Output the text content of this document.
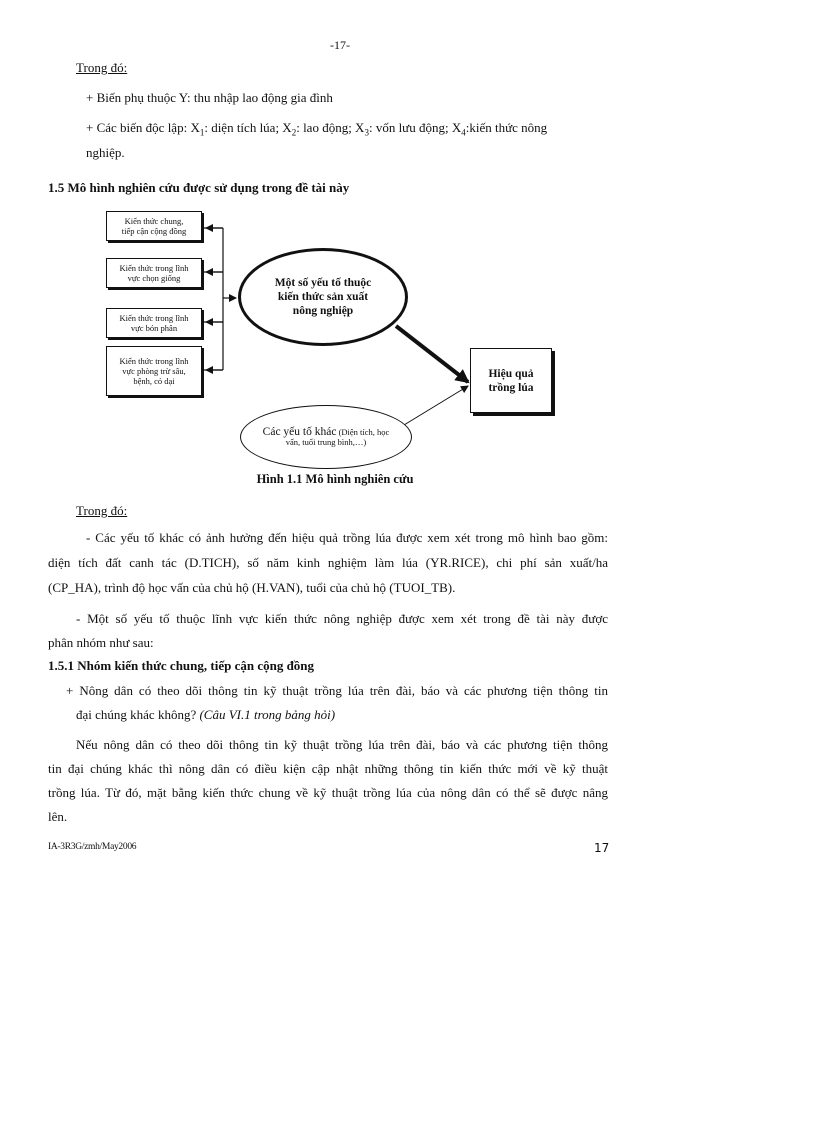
-17-
Trong đó:
+ Biến phụ thuộc Y: thu nhập lao động gia đình
+ Các biến độc lập: $X_1$: diện tích lúa; $X_2$: lao động; $X_3$: vốn lưu động; $X_4:kiến$ thức nông
nghiệp.
1.5 Mô hình nghiên cứu được sử dụng trong đề tài này
Kiến thức chung,
tiếp cận cộng đồng
Kiến thức trong lĩnh
vực chọn giống
Kiến thức trong lĩnh
vực bón phân
Kiến thức trong lĩnh
vực phòng trừ sâu,
bệnh, cỏ dại
Một số yếu tố thuộc
kiến thức sản xuất
nông nghiệp
Hiệu quả
trồng lúa
Các yếu tố khác (Diện tích, học vấn, tuổi trung bình,…)
Hình 1.1 Mô hình nghiên cứu
Trong đó:
- Các yếu tố khác có ảnh hưởng đến hiệu quả trồng lúa được xem xét trong mô hình bao gồm:
diện tích đất canh tác (D.TICH), số năm kinh nghiệm làm lúa (YR.RICE), chi phí sản xuất/ha
(CP_HA), trình độ học vấn của chủ hộ (H.VAN), tuổi của chủ hộ (TUOI_TB).
- Một số yếu tố thuộc lĩnh vực kiến thức nông nghiệp được xem xét trong đề tài này được
phân nhóm như sau:
1.5.1 Nhóm kiến thức chung, tiếp cận cộng đồng
+ Nông dân có theo dõi thông tin kỹ thuật trồng lúa trên đài, báo và các phương tiện thông tin
đại chúng khác không? (Câu VI.1 trong bảng hỏi)
Nếu nông dân có theo dõi thông tin kỹ thuật trồng lúa trên đài, báo và các phương tiện thông
tin đại chúng khác thì nông dân có điều kiện cập nhật những thông tin kiến thức mới về kỹ thuật
trồng lúa. Từ đó, mặt bằng kiến thức chung về kỹ thuật trồng lúa của nông dân có thể sẽ được nâng
lên.
IA-3R3G/zmh/May2006	17
